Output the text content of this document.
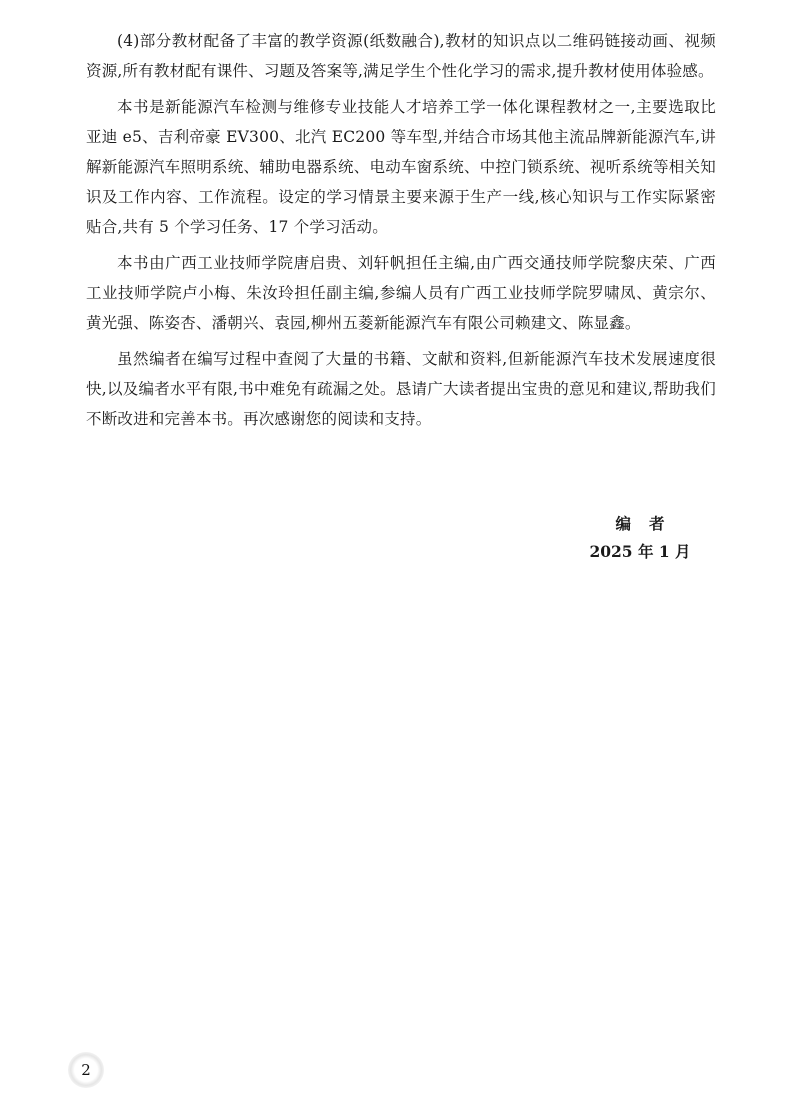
(4)部分教材配备了丰富的教学资源(纸数融合),教材的知识点以二维码链接动画、视频资源,所有教材配有课件、习题及答案等,满足学生个性化学习的需求,提升教材使用体验感。

本书是新能源汽车检测与维修专业技能人才培养工学一体化课程教材之一,主要选取比亚迪 e5、吉利帝豪 EV300、北汽 EC200 等车型,并结合市场其他主流品牌新能源汽车,讲解新能源汽车照明系统、辅助电器系统、电动车窗系统、中控门锁系统、视听系统等相关知识及工作内容、工作流程。设定的学习情景主要来源于生产一线,核心知识与工作实际紧密贴合,共有 5 个学习任务、17 个学习活动。

本书由广西工业技师学院唐启贵、刘轩帆担任主编,由广西交通技师学院黎庆荣、广西工业技师学院卢小梅、朱汝玲担任副主编,参编人员有广西工业技师学院罗啸凤、黄宗尔、黄光强、陈姿杏、潘朝兴、袁园,柳州五菱新能源汽车有限公司赖建文、陈显鑫。

虽然编者在编写过程中查阅了大量的书籍、文献和资料,但新能源汽车技术发展速度很快,以及编者水平有限,书中难免有疏漏之处。恳请广大读者提出宝贵的意见和建议,帮助我们不断改进和完善本书。再次感谢您的阅读和支持。

编者
2025 年 1 月
2
